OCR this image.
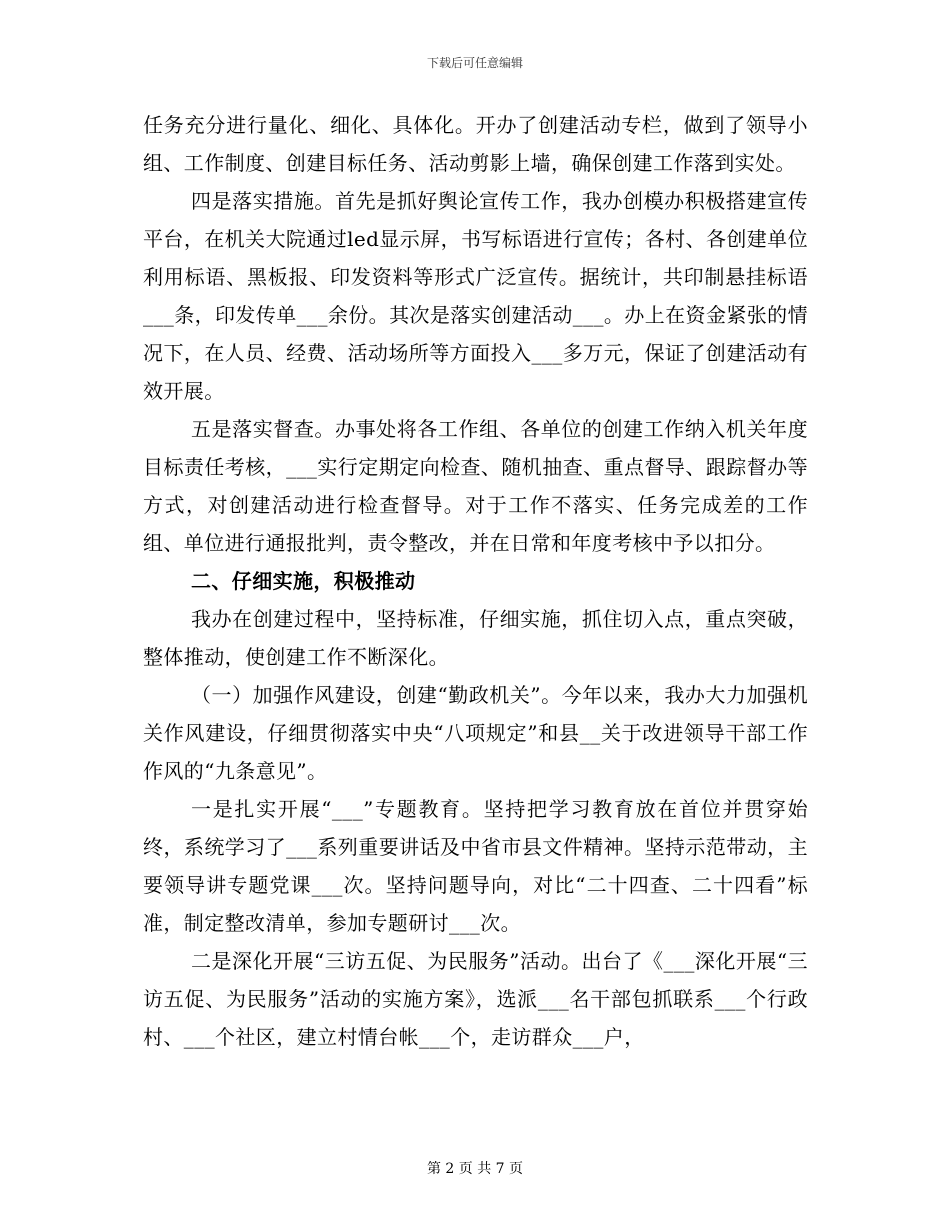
下载后可任意编辑

任务充分进行量化、细化、具体化。开办了创建活动专栏，做到了领导小组、工作制度、创建目标任务、活动剪影上墙，确保创建工作落到实处。

四是落实措施。首先是抓好舆论宣传工作，我办创模办积极搭建宣传平台，在机关大院通过led显示屏，书写标语进行宣传；各村、各创建单位利用标语、黑板报、印发资料等形式广泛宣传。据统计，共印制悬挂标语___条，印发传单___余份。其次是落实创建活动___。办上在资金紧张的情况下，在人员、经费、活动场所等方面投入___多万元，保证了创建活动有效开展。

五是落实督查。办事处将各工作组、各单位的创建工作纳入机关年度目标责任考核，___实行定期定向检查、随机抽查、重点督导、跟踪督办等方式，对创建活动进行检查督导。对于工作不落实、任务完成差的工作组、单位进行通报批判，责令整改，并在日常和年度考核中予以扣分。

二、仔细实施，积极推动

我办在创建过程中，坚持标准，仔细实施，抓住切入点，重点突破，整体推动，使创建工作不断深化。

（一）加强作风建设，创建“勤政机关”。今年以来，我办大力加强机关作风建设，仔细贯彻落实中央“八项规定”和县__关于改进领导干部工作作风的“九条意见”。

一是扎实开展“___”专题教育。坚持把学习教育放在首位并贯穿始终，系统学习了___系列重要讲话及中省市县文件精神。坚持示范带动，主要领导讲专题党课___次。坚持问题导向，对比“二十四查、二十四看”标准，制定整改清单，参加专题研讨___次。

二是深化开展“三访五促、为民服务”活动。出台了《___深化开展“三访五促、为民服务”活动的实施方案》，选派___名干部包抓联系___个行政村、___个社区，建立村情台帐___个，走访群众___户，

第 2 页 共 7 页
